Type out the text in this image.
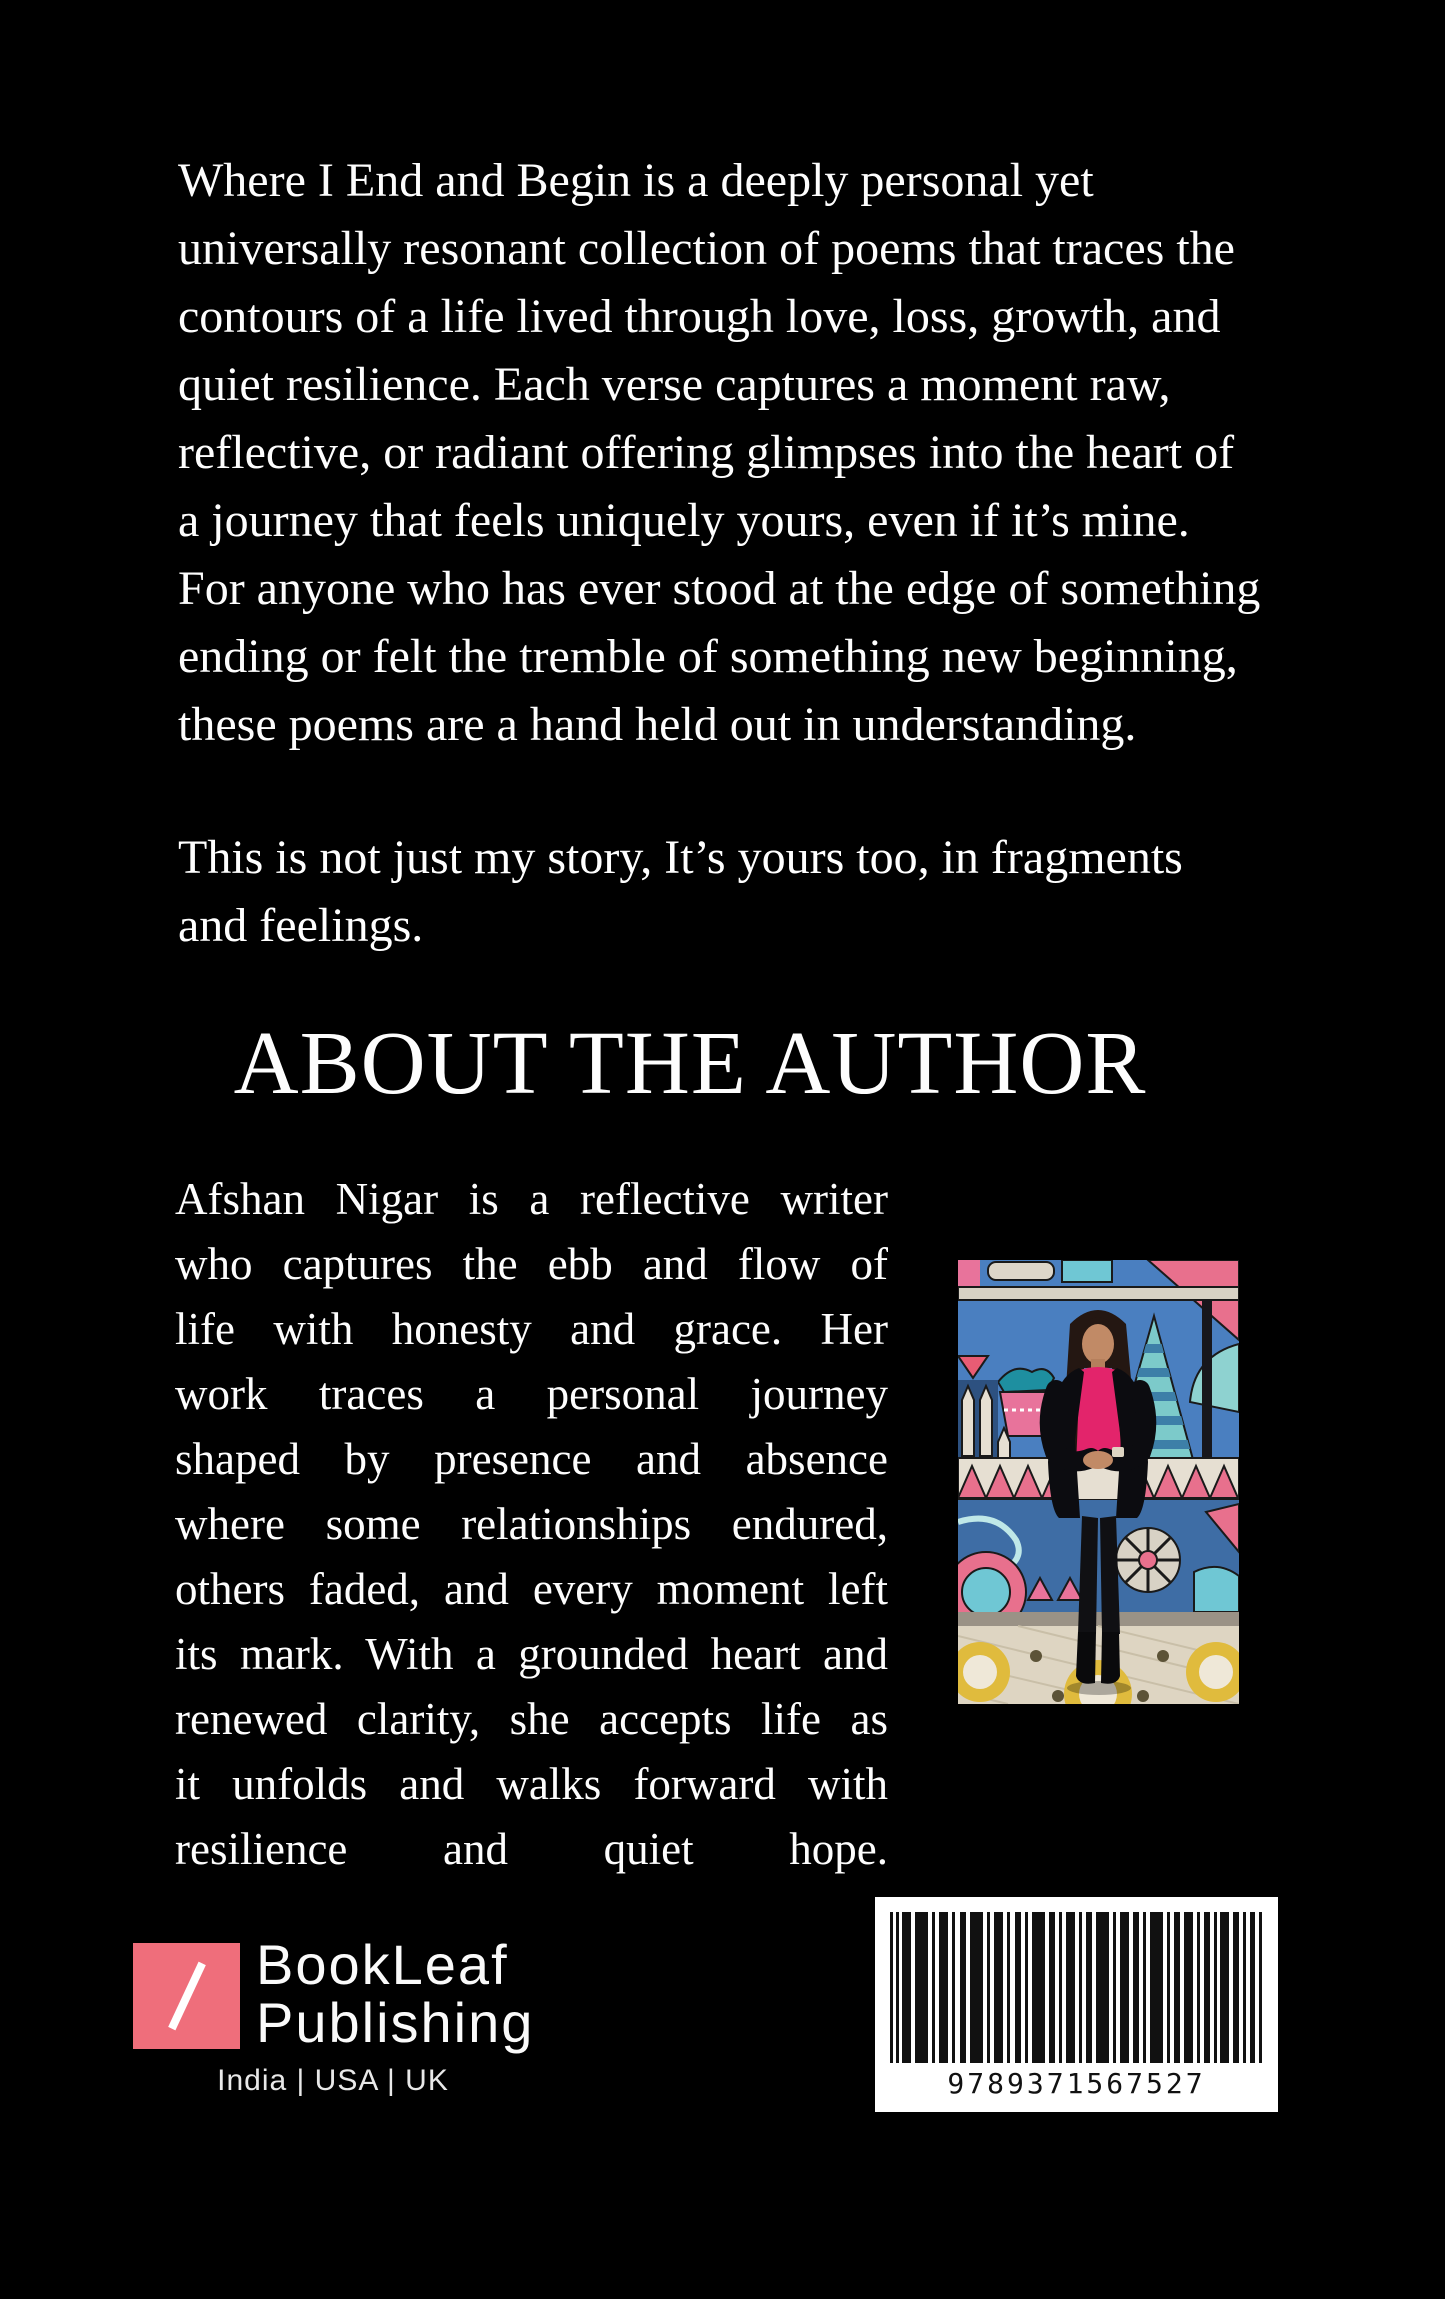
Where I End and Begin is a deeply personal yet
universally resonant collection of poems that traces the
contours of a life lived through love, loss, growth, and
quiet resilience. Each verse captures a moment raw,
reflective, or radiant offering glimpses into the heart of
a journey that feels uniquely yours, even if it’s mine.
For anyone who has ever stood at the edge of something
ending or felt the tremble of something new beginning,
these poems are a hand held out in understanding.
This is not just my story, It’s yours too, in fragments
and feelings.
ABOUT THE AUTHOR
Afshan Nigar is a reflective writer
who captures the ebb and flow of
life with honesty and grace. Her
work traces a personal journey
shaped by presence and absence
where some relationships endured,
others faded, and every moment left
its mark. With a grounded heart and
renewed clarity, she accepts life as
it unfolds and walks forward with
resilience and quiet hope.
BookLeaf
Publishing
India | USA | UK	9789371567527
